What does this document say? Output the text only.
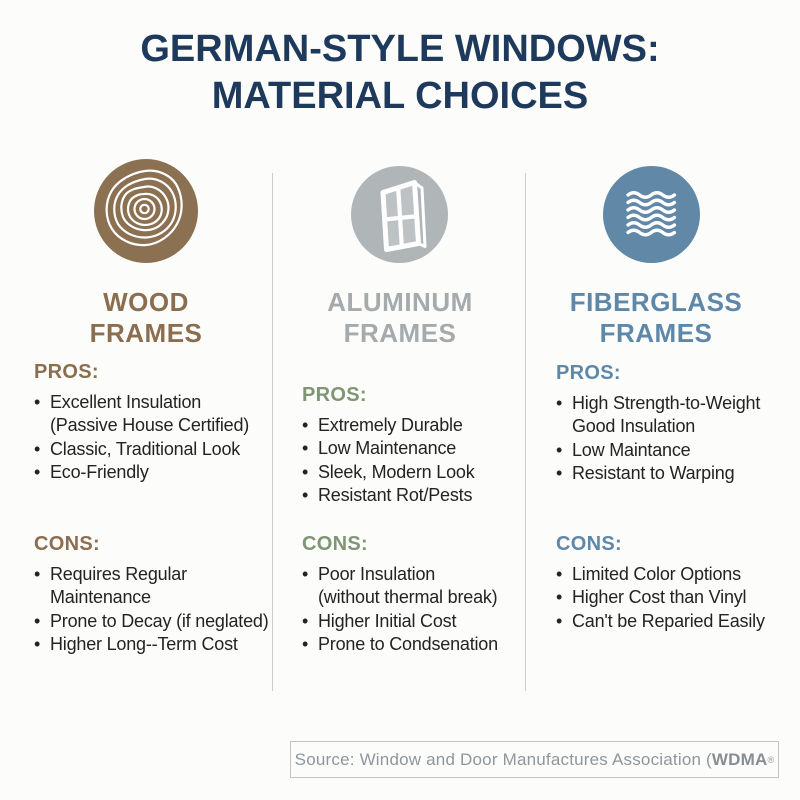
GERMAN-STYLE WINDOWS:
MATERIAL CHOICES
WOOD
FRAMES
PROS:
• Excellent Insulation
(Passive House Certified)
• Classic, Traditional Look
• Eco-Friendly
CONS:
• Requires Regular Maintenance
• Prone to Decay (if neglated)
• Higher Long--Term Cost
ALUMINUM
FRAMES
PROS:
• Extremely Durable
• Low Maintenance
• Sleek, Modern Look
• Resistant Rot/Pests
CONS:
• Poor Insulation
(without thermal break)
• Higher Initial Cost
• Prone to Condsenation
FIBERGLASS
FRAMES
PROS:
• High Strength-to-Weight
Good Insulation
• Low Maintance
• Resistant to Warping
CONS:
• Limited Color Options
• Higher Cost than Vinyl
• Can't be Reparied Easily
Source: Window and Door Manufactures Association ( WDMA ®
